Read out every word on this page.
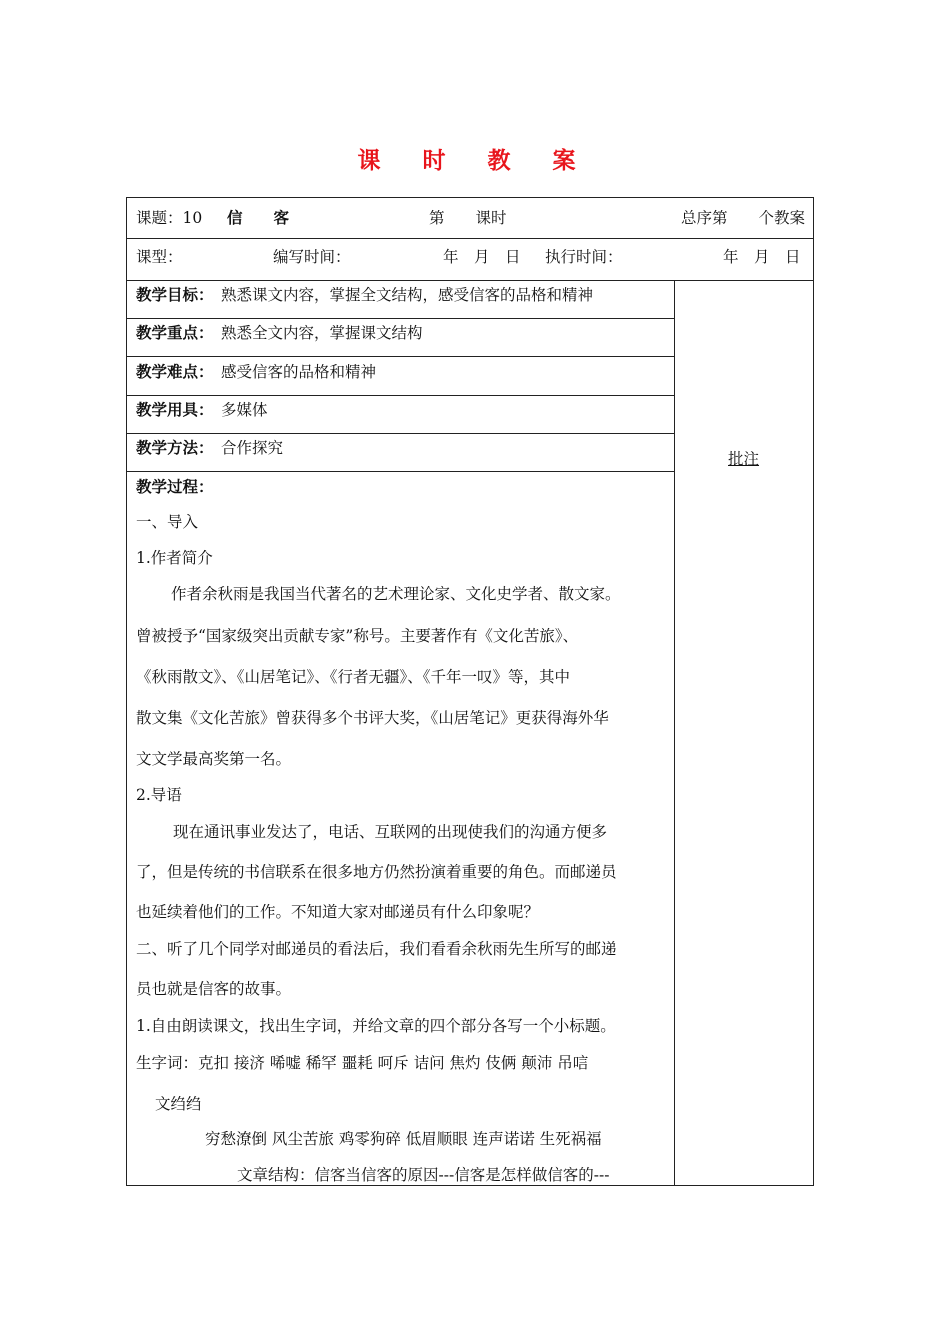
课 时 教 案
课题：10 信　　客	第　　课时	总序第　　个教案
课型：	编写时间：	年　月　日 执行时间：	年　月　日
教学目标： 熟悉课文内容，掌握全文结构，感受信客的品格和精神
教学重点： 熟悉全文内容，掌握课文结构
教学难点： 感受信客的品格和精神
教学用具： 多媒体
教学方法： 合作探究
批注
教学过程：
一、导入
1.作者简介
作者余秋雨是我国当代著名的艺术理论家、文化史学者、散文家。
曾被授予“国家级突出贡献专家”称号。主要著作有《文化苦旅》、
《秋雨散文》、《山居笔记》、《行者无疆》、《千年一叹》等，其中
散文集《文化苦旅》曾获得多个书评大奖，《山居笔记》更获得海外华
文文学最高奖第一名。
2.导语
现在通讯事业发达了，电话、互联网的出现使我们的沟通方便多
了，但是传统的书信联系在很多地方仍然扮演着重要的角色。而邮递员
也延续着他们的工作。不知道大家对邮递员有什么印象呢？
二、听了几个同学对邮递员的看法后，我们看看余秋雨先生所写的邮递
员也就是信客的故事。
1.自由朗读课文，找出生字词，并给文章的四个部分各写一个小标题。
生字词：克扣 接济 唏嘘 稀罕 噩耗 呵斥 诘问 焦灼 伎俩 颠沛 吊唁
文绉绉
穷愁潦倒 风尘苦旅 鸡零狗碎 低眉顺眼 连声诺诺 生死祸福
文章结构：信客当信客的原因---信客是怎样做信客的---
